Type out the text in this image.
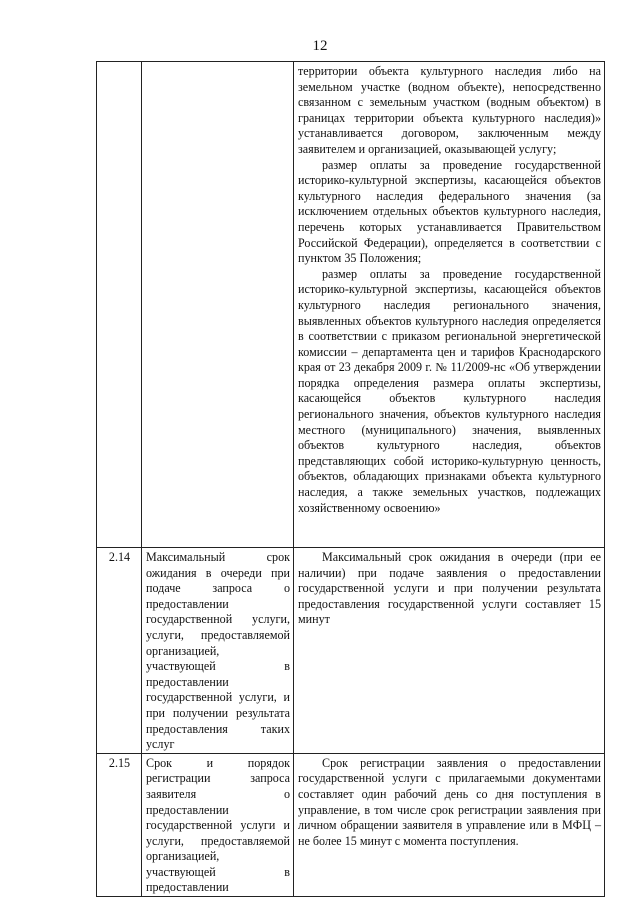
12

		территории объекта культурного наследия либо на земельном участке (водном объекте), непосредственно связанном с земельным участком (водным объектом) в границах территории объекта культурного наследия)» устанавливается договором, заключенным между заявителем и организацией, оказывающей услугу;

размер оплаты за проведение государственной историко-культурной экспертизы, касающейся объектов культурного наследия федерального значения (за исключением отдельных объектов культурного наследия, перечень которых устанавливается Правительством Российской Федерации), определяется в соответствии с пунктом 35 Положения;

размер оплаты за проведение государственной историко-культурной экспертизы, касающейся объектов культурного наследия регионального значения, выявленных объектов культурного наследия определяется в соответствии с приказом региональной энергетической комиссии – департамента цен и тарифов Краснодарского края от 23 декабря 2009 г. № 11/2009-нс «Об утверждении порядка определения размера оплаты экспертизы, касающейся объектов культурного наследия регионального значения, объектов культурного наследия местного (муниципального) значения, выявленных объектов культурного наследия, объектов представляющих собой историко-культурную ценность, объектов, обладающих признаками объекта культурного наследия, а также земельных участков, подлежащих хозяйственному освоению»

2.14	Максимальный срок ожидания в очереди при подаче запроса о предоставлении государственной услуги, услуги, предоставляемой организацией, участвующей в предоставлении государственной услуги, и при получении результата предоставления таких услуг	Максимальный срок ожидания в очереди (при ее наличии) при подаче заявления о предоставлении государственной услуги и при получении результата предоставления государственной услуги составляет 15 минут

2.15	Срок и порядок регистрации запроса заявителя о предоставлении государственной услуги и услуги, предоставляемой организацией, участвующей в предоставлении	Срок регистрации заявления о предоставлении государственной услуги с прилагаемыми документами составляет один рабочий день со дня поступления в управление, в том числе срок регистрации заявления при личном обращении заявителя в управление или в МФЦ – не более 15 минут с момента поступления.
